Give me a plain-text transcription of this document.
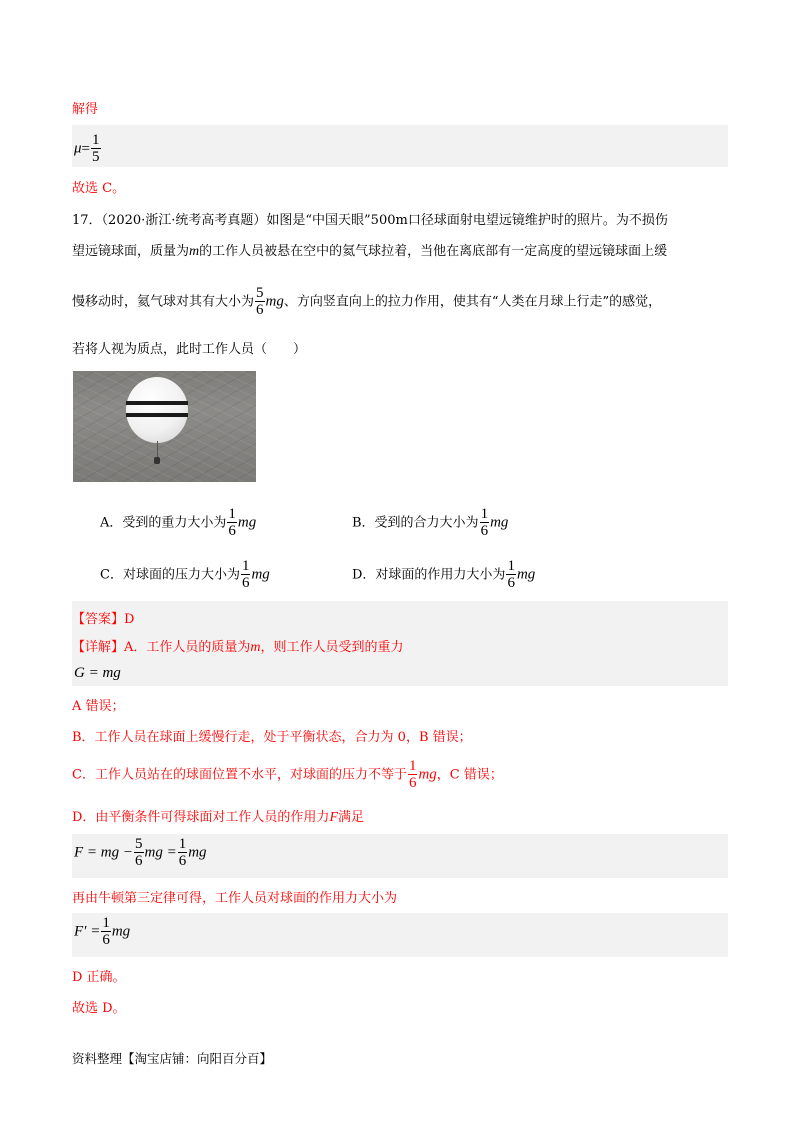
解得
$\mu= \frac{1}{5}$
故选 C。
17．（2020·浙江·统考高考真题）如图是“中国天眼”500m口径球面射电望远镜维护时的照片。为不损伤
望远镜球面，质量为m的工作人员被悬在空中的氦气球拉着，当他在离底部有一定高度的望远镜球面上缓
慢移动时，氦气球对其有大小为 $\frac{5}{6}$ mg、方向竖直向上的拉力作用，使其有“人类在月球上行走”的感觉，
若将人视为质点，此时工作人员（　　）
A．受到的重力大小为 $\frac{1}{6}$ mg	B．受到的合力大小为 $\frac{1}{6}$ mg
C．对球面的压力大小为 $\frac{1}{6}$ mg	D．对球面的作用力大小为 $\frac{1}{6}$ mg
【答案】D
【详解】A．工作人员的质量为m，则工作人员受到的重力
G = mg
A 错误；
B．工作人员在球面上缓慢行走，处于平衡状态，合力为 0，B 错误；
C．工作人员站在的球面位置不水平，对球面的压力不等于 $\frac{1}{6}$ mg，C 错误；
D．由平衡条件可得球面对工作人员的作用力F满足
F = mg − $\frac{5}{6}$ mg = $\frac{1}{6}$ mg
再由牛顿第三定律可得，工作人员对球面的作用力大小为
$F' = \frac{1}{6}$ mg
D 正确。
故选 D。
资料整理【淘宝店铺：向阳百分百】
